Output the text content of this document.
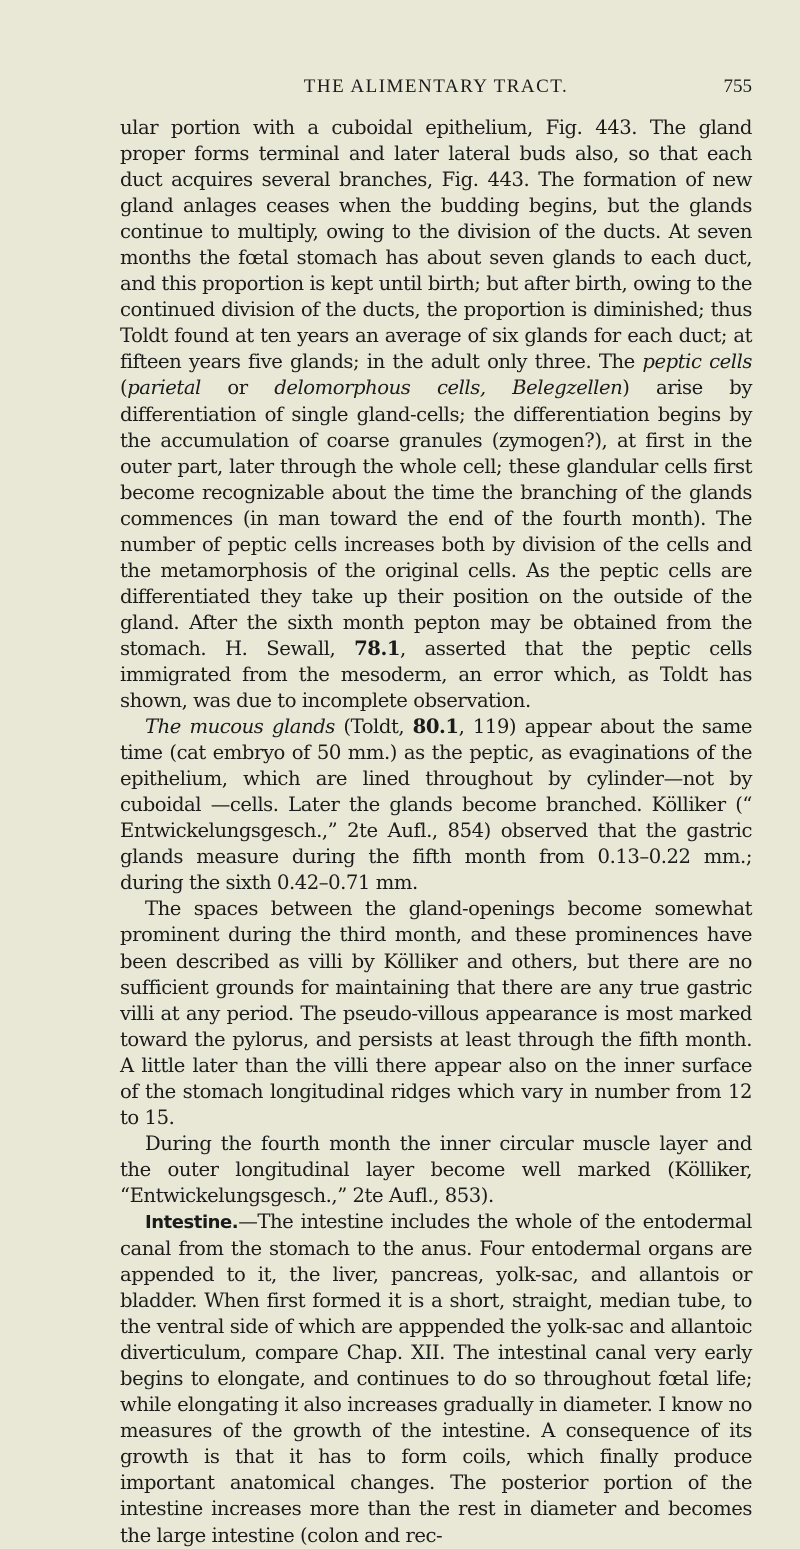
THE ALIMENTARY TRACT.	755

ular portion with a cuboidal epithelium, Fig. 443. The gland proper forms terminal and later lateral buds also, so that each duct acquires several branches, Fig. 443. The formation of new gland anlages ceases when the budding begins, but the glands continue to multiply, owing to the division of the ducts. At seven months the fœtal stomach has about seven glands to each duct, and this proportion is kept until birth; but after birth, owing to the continued division of the ducts, the proportion is diminished; thus Toldt found at ten years an average of six glands for each duct; at fifteen years five glands; in the adult only three. The peptic cells (parietal or delomorphous cells, Belegzellen) arise by differentiation of single gland-cells; the differentiation begins by the accumulation of coarse granules (zymogen?), at first in the outer part, later through the whole cell; these glandular cells first become recognizable about the time the branching of the glands commences (in man toward the end of the fourth month). The number of peptic cells increases both by division of the cells and the metamorphosis of the original cells. As the peptic cells are differentiated they take up their position on the outside of the gland. After the sixth month pepton may be obtained from the stomach. H. Sewall, 78.1, asserted that the peptic cells immigrated from the mesoderm, an error which, as Toldt has shown, was due to incomplete observation.

The mucous glands (Toldt, 80.1, 119) appear about the same time (cat embryo of 50 mm.) as the peptic, as evaginations of the epithelium, which are lined throughout by cylinder—not by cuboidal —cells. Later the glands become branched. Kölliker (“ Entwickelungsgesch.,” 2te Aufl., 854) observed that the gastric glands measure during the fifth month from 0.13–0.22 mm.; during the sixth 0.42–0.71 mm.

The spaces between the gland-openings become somewhat prominent during the third month, and these prominences have been described as villi by Kölliker and others, but there are no sufficient grounds for maintaining that there are any true gastric villi at any period. The pseudo-villous appearance is most marked toward the pylorus, and persists at least through the fifth month. A little later than the villi there appear also on the inner surface of the stomach longitudinal ridges which vary in number from 12 to 15.

During the fourth month the inner circular muscle layer and the outer longitudinal layer become well marked (Kölliker, “Entwickelungsgesch.,” 2te Aufl., 853).

Intestine.—The intestine includes the whole of the entodermal canal from the stomach to the anus. Four entodermal organs are appended to it, the liver, pancreas, yolk-sac, and allantois or bladder. When first formed it is a short, straight, median tube, to the ventral side of which are apppended the yolk-sac and allantoic diverticulum, compare Chap. XII. The intestinal canal very early begins to elongate, and continues to do so throughout fœtal life; while elongating it also increases gradually in diameter. I know no measures of the growth of the intestine. A consequence of its growth is that it has to form coils, which finally produce important anatomical changes. The posterior portion of the intestine increases more than the rest in diameter and becomes the large intestine (colon and rec-
